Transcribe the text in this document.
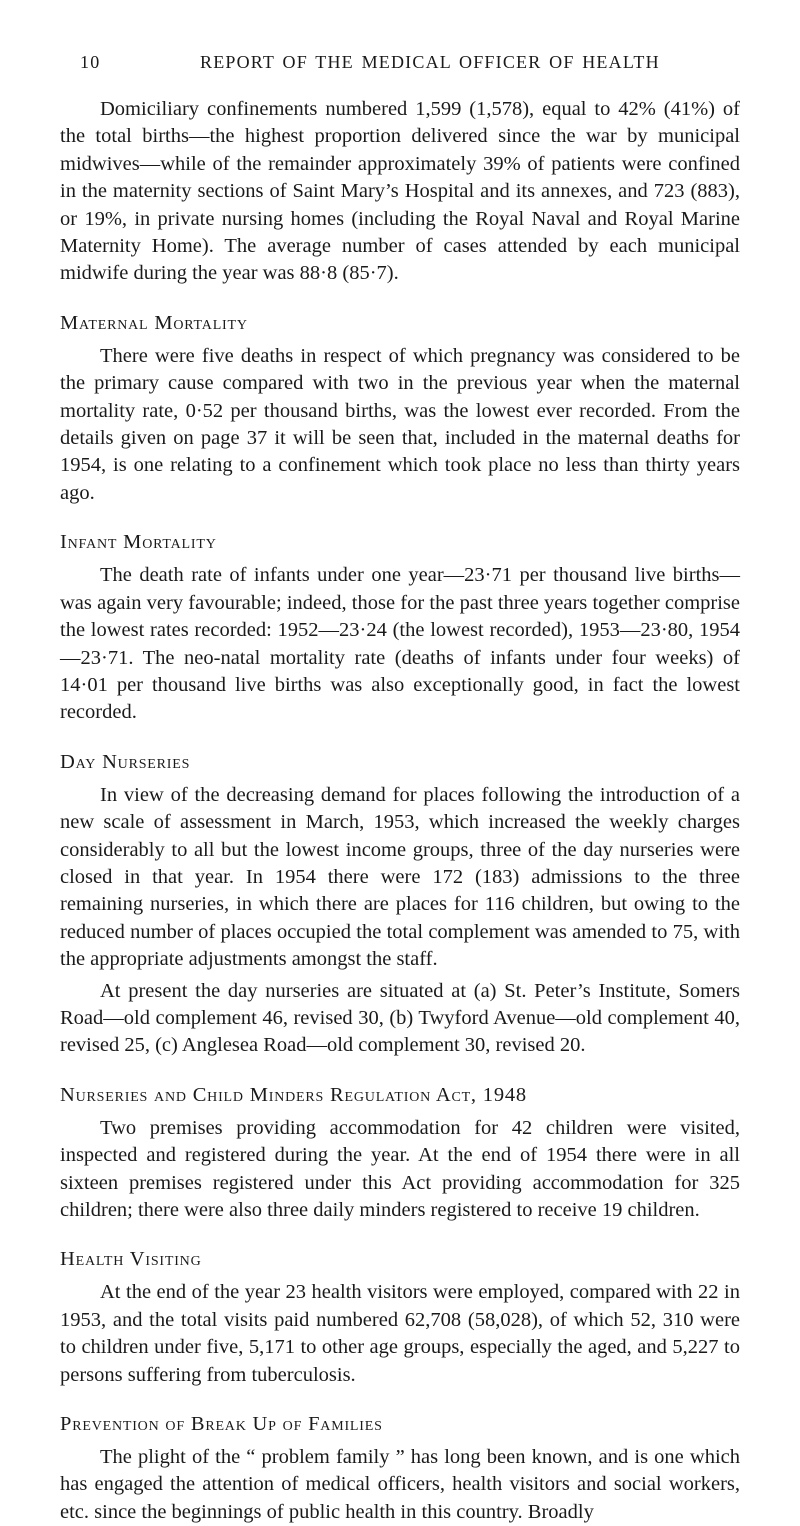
10	REPORT OF THE MEDICAL OFFICER OF HEALTH

Domiciliary confinements numbered 1,599 (1,578), equal to 42% (41%) of the total births—the highest proportion delivered since the war by municipal midwives—while of the remainder approximately 39% of patients were confined in the maternity sections of Saint Mary’s Hospital and its annexes, and 723 (883), or 19%, in private nursing homes (including the Royal Naval and Royal Marine Maternity Home). The average number of cases attended by each municipal midwife during the year was 88·8 (85·7).

Maternal Mortality

There were five deaths in respect of which pregnancy was considered to be the primary cause compared with two in the previous year when the maternal mortality rate, 0·52 per thousand births, was the lowest ever recorded. From the details given on page 37 it will be seen that, included in the maternal deaths for 1954, is one relating to a confinement which took place no less than thirty years ago.

Infant Mortality

The death rate of infants under one year—23·71 per thousand live births—was again very favourable; indeed, those for the past three years together comprise the lowest rates recorded: 1952—23·24 (the lowest recorded), 1953—23·80, 1954—23·71. The neo-natal mortality rate (deaths of infants under four weeks) of 14·01 per thousand live births was also exceptionally good, in fact the lowest recorded.

Day Nurseries

In view of the decreasing demand for places following the introduction of a new scale of assessment in March, 1953, which increased the weekly charges considerably to all but the lowest income groups, three of the day nurseries were closed in that year. In 1954 there were 172 (183) admissions to the three remaining nurseries, in which there are places for 116 children, but owing to the reduced number of places occupied the total complement was amended to 75, with the appropriate adjustments amongst the staff.

At present the day nurseries are situated at (a) St. Peter’s Institute, Somers Road—old complement 46, revised 30, (b) Twyford Avenue—old complement 40, revised 25, (c) Anglesea Road—old complement 30, revised 20.

Nurseries and Child Minders Regulation Act, 1948

Two premises providing accommodation for 42 children were visited, inspected and registered during the year. At the end of 1954 there were in all sixteen premises registered under this Act providing accommodation for 325 children; there were also three daily minders registered to receive 19 children.

Health Visiting

At the end of the year 23 health visitors were employed, compared with 22 in 1953, and the total visits paid numbered 62,708 (58,028), of which 52, 310 were to children under five, 5,171 to other age groups, especially the aged, and 5,227 to persons suffering from tuberculosis.

Prevention of Break Up of Families

The plight of the “ problem family ” has long been known, and is one which has engaged the attention of medical officers, health visitors and social workers, etc. since the beginnings of public health in this country. Broadly
